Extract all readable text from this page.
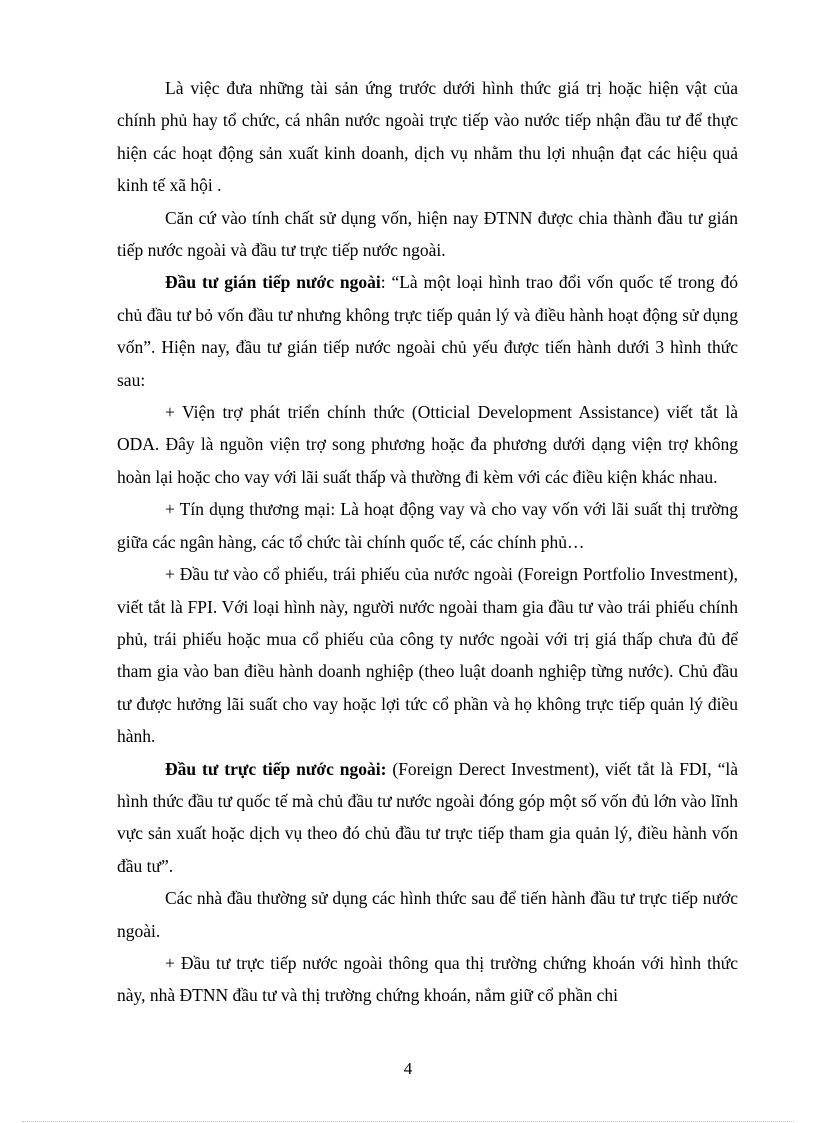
Là việc đưa những tài sản ứng trước dưới hình thức giá trị hoặc hiện vật của chính phủ hay tổ chức, cá nhân nước ngoài trực tiếp vào nước tiếp nhận đầu tư để thực hiện các hoạt động sản xuất kinh doanh, dịch vụ nhằm thu lợi nhuận đạt các hiệu quả kinh tế xã hội .

Căn cứ vào tính chất sử dụng vốn, hiện nay ĐTNN được chia thành đầu tư gián tiếp nước ngoài và đầu tư trực tiếp nước ngoài.

Đầu tư gián tiếp nước ngoài: “Là một loại hình trao đổi vốn quốc tế trong đó chủ đầu tư bỏ vốn đầu tư nhưng không trực tiếp quản lý và điều hành hoạt động sử dụng vốn”. Hiện nay, đầu tư gián tiếp nước ngoài chủ yếu được tiến hành dưới 3 hình thức sau:

+ Viện trợ phát triển chính thức (Otticial Development Assistance) viết tắt là ODA. Đây là nguồn viện trợ song phương hoặc đa phương dưới dạng viện trợ không hoàn lại hoặc cho vay với lãi suất thấp và thường đi kèm với các điều kiện khác nhau.

+ Tín dụng thương mại: Là hoạt động vay và cho vay vốn với lãi suất thị trường giữa các ngân hàng, các tổ chức tài chính quốc tế, các chính phủ…

+ Đầu tư vào cổ phiếu, trái phiếu của nước ngoài (Foreign Portfolio Investment), viết tắt là FPI. Với loại hình này, người nước ngoài tham gia đầu tư vào trái phiếu chính phủ, trái phiếu hoặc mua cổ phiếu của công ty nước ngoài với trị giá thấp chưa đủ để tham gia vào ban điều hành doanh nghiệp (theo luật doanh nghiệp từng nước). Chủ đầu tư được hưởng lãi suất cho vay hoặc lợi tức cổ phần và họ không trực tiếp quản lý điều hành.

Đầu tư trực tiếp nước ngoài: (Foreign Derect Investment), viết tắt là FDI, “là hình thức đầu tư quốc tế mà chủ đầu tư nước ngoài đóng góp một số vốn đủ lớn vào lĩnh vực sản xuất hoặc dịch vụ theo đó chủ đầu tư trực tiếp tham gia quản lý, điều hành vốn đầu tư”.

Các nhà đầu thường sử dụng các hình thức sau để tiến hành đầu tư trực tiếp nước ngoài.

+ Đầu tư trực tiếp nước ngoài thông qua thị trường chứng khoán với hình thức này, nhà ĐTNN đầu tư và thị trường chứng khoán, nắm giữ cổ phần chi

4
